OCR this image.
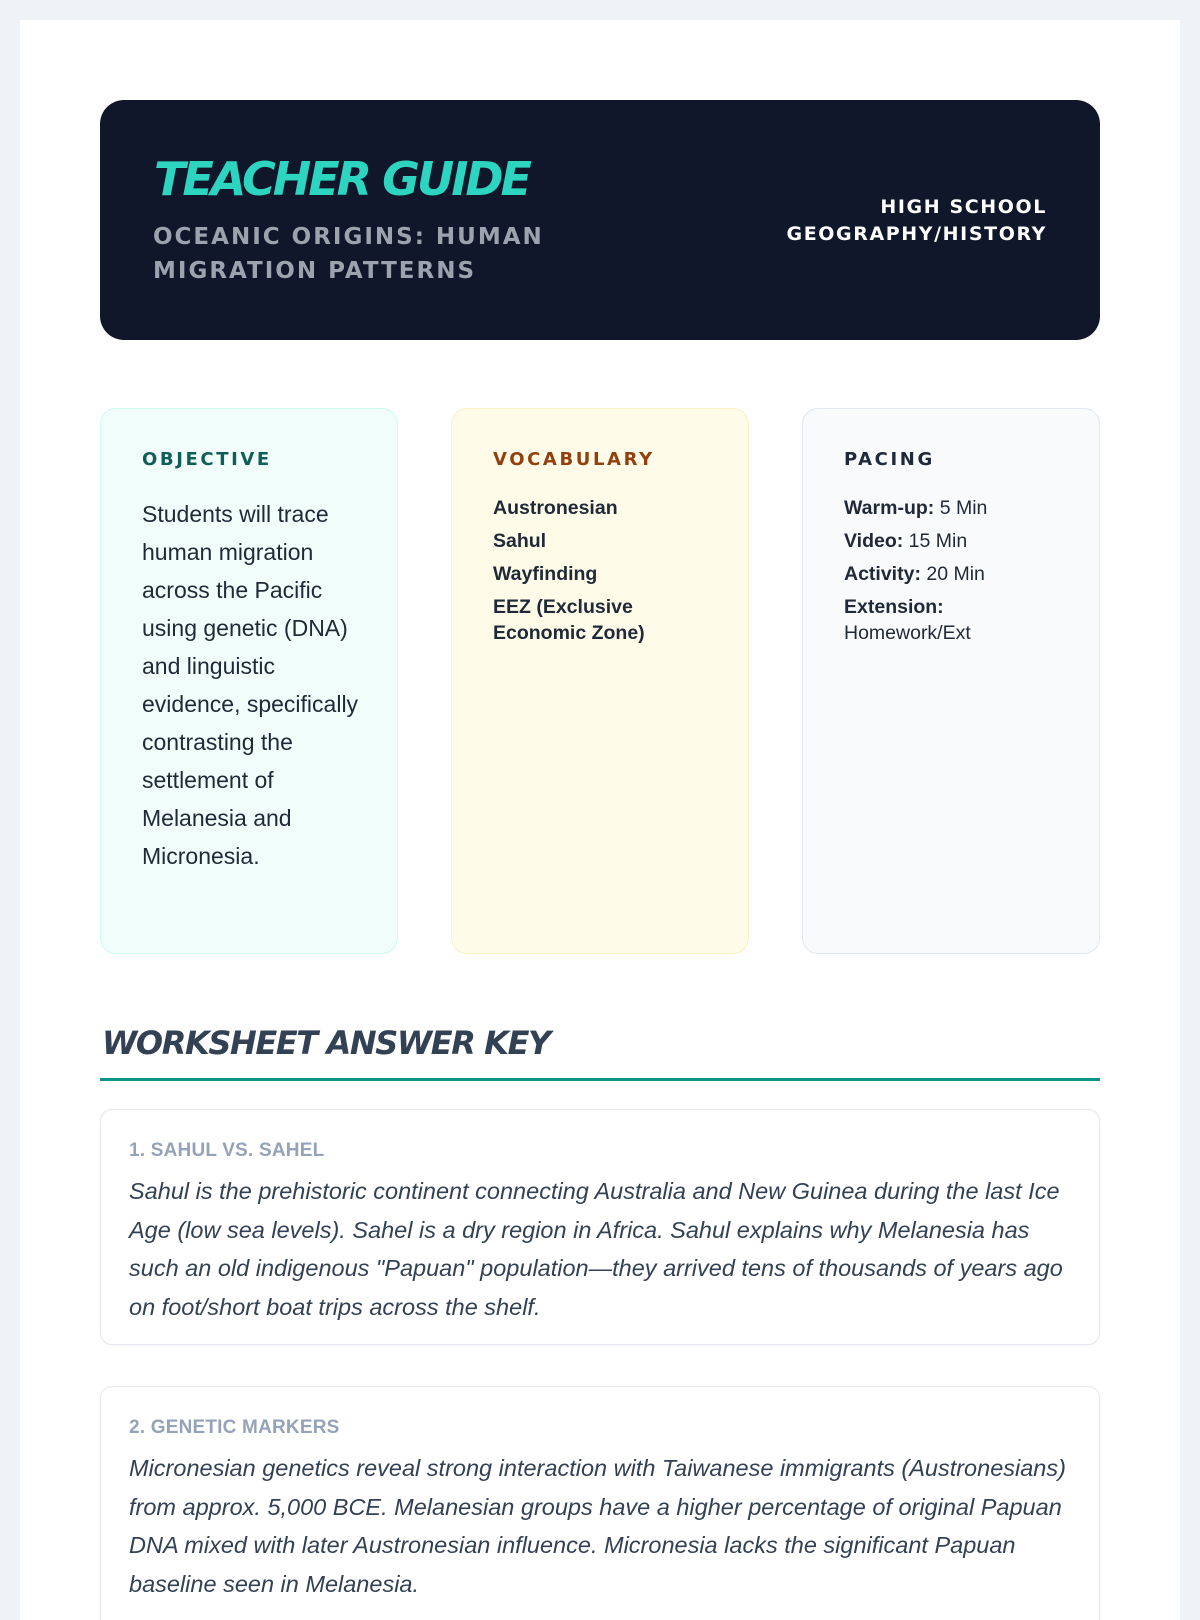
TEACHER GUIDE
OCEANIC ORIGINS: HUMAN MIGRATION PATTERNS
HIGH SCHOOL
GEOGRAPHY/HISTORY
OBJECTIVE

Students will trace human migration across the Pacific using genetic (DNA) and linguistic evidence, specifically contrasting the settlement of Melanesia and Micronesia.

VOCABULARY
Austronesian
Sahul
Wayfinding
EEZ (Exclusive Economic Zone)
PACING
Warm-up: 5 Min
Video: 15 Min
Activity: 20 Min
Extension:
Homework/Ext
WORKSHEET ANSWER KEY
1. SAHUL VS. SAHEL

Sahul is the prehistoric continent connecting Australia and New Guinea during the last Ice Age (low sea levels). Sahel is a dry region in Africa. Sahul explains why Melanesia has such an old indigenous "Papuan" population—they arrived tens of thousands of years ago on foot/short boat trips across the shelf.

2. GENETIC MARKERS

Micronesian genetics reveal strong interaction with Taiwanese immigrants (Austronesians) from approx. 5,000 BCE. Melanesian groups have a higher percentage of original Papuan DNA mixed with later Austronesian influence. Micronesia lacks the significant Papuan baseline seen in Melanesia.
